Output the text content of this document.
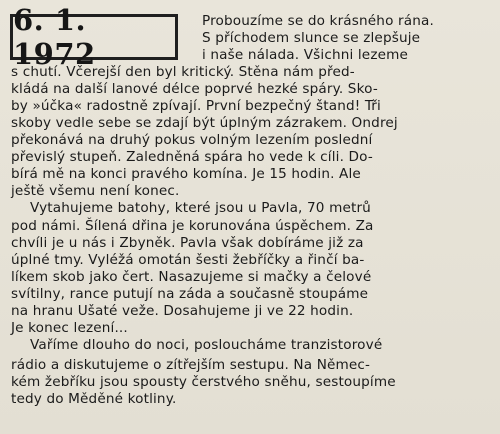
6. 1. 1972
Probouzíme se do krásného rána.
S příchodem slunce se zlepšuje
i naše nálada. Všichni lezeme
s chutí. Včerejší den byl kritický. Stěna nám před-
kládá na další lanové délce poprvé hezké spáry. Sko-
by »účka« radostně zpívají. První bezpečný štand! Tři
skoby vedle sebe se zdají být úplným zázrakem. Ondrej
překonává na druhý pokus volným lezením poslední
převislý stupeň. Zaledněná spára ho vede k cíli. Do-
bírá mě na konci pravého komína. Je 15 hodin. Ale
ještě všemu není konec.
Vytahujeme batohy, které jsou u Pavla, 70 metrů
pod námi. Šílená dřina je korunována úspěchem. Za
chvíli je u nás i Zbyněk. Pavla však dobíráme již za
úplné tmy. Vyléžá omotán šesti žebříčky a řinčí ba-
líkem skob jako čert. Nasazujeme si mačky a čelové
svítilny, rance putují na záda a současně stoupáme
na hranu Ušaté veže. Dosahujeme ji ve 22 hodin.
Je konec lezení...
Vaříme dlouho do noci, posloucháme tranzistorové
rádio a diskutujeme o zítřejším sestupu. Na Němec-
kém žebříku jsou spousty čerstvého sněhu, sestoupíme
tedy do Měděné kotliny.
